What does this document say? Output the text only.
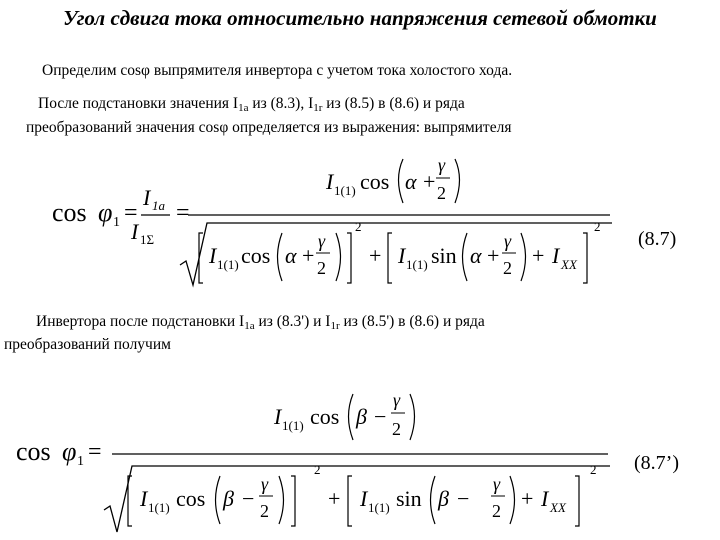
Угол сдвига тока относительно напряжения сетевой обмотки
Определим cosφ выпрямителя инвертора с учетом тока холостого хода.
После подстановки значения $I_{1a}$ из (8.3), $I_{1r}$ из (8.5) в (8.6) и ряда
преобразований значения cosφ определяется из выражения: выпрямителя
cos φ 1 =
I 1a
I 1Σ
=
I 1(1) cos α +
γ
2
I 1(1) cos α +
γ
2
2
+ I 1(1) sin α +
γ
2 + I XX
2
(8.7)
Инвертора после подстановки $I_{1a}$ из (8.3') и $I_{1r}$ из (8.5') в (8.6) и ряда
преобразований получим
cos φ 1 =
I 1(1) cos β −
γ
2
I 1(1) cos β −
γ
2
2
+ I 1(1) sin β −
γ
2 + I XX
2 (8.7’)
